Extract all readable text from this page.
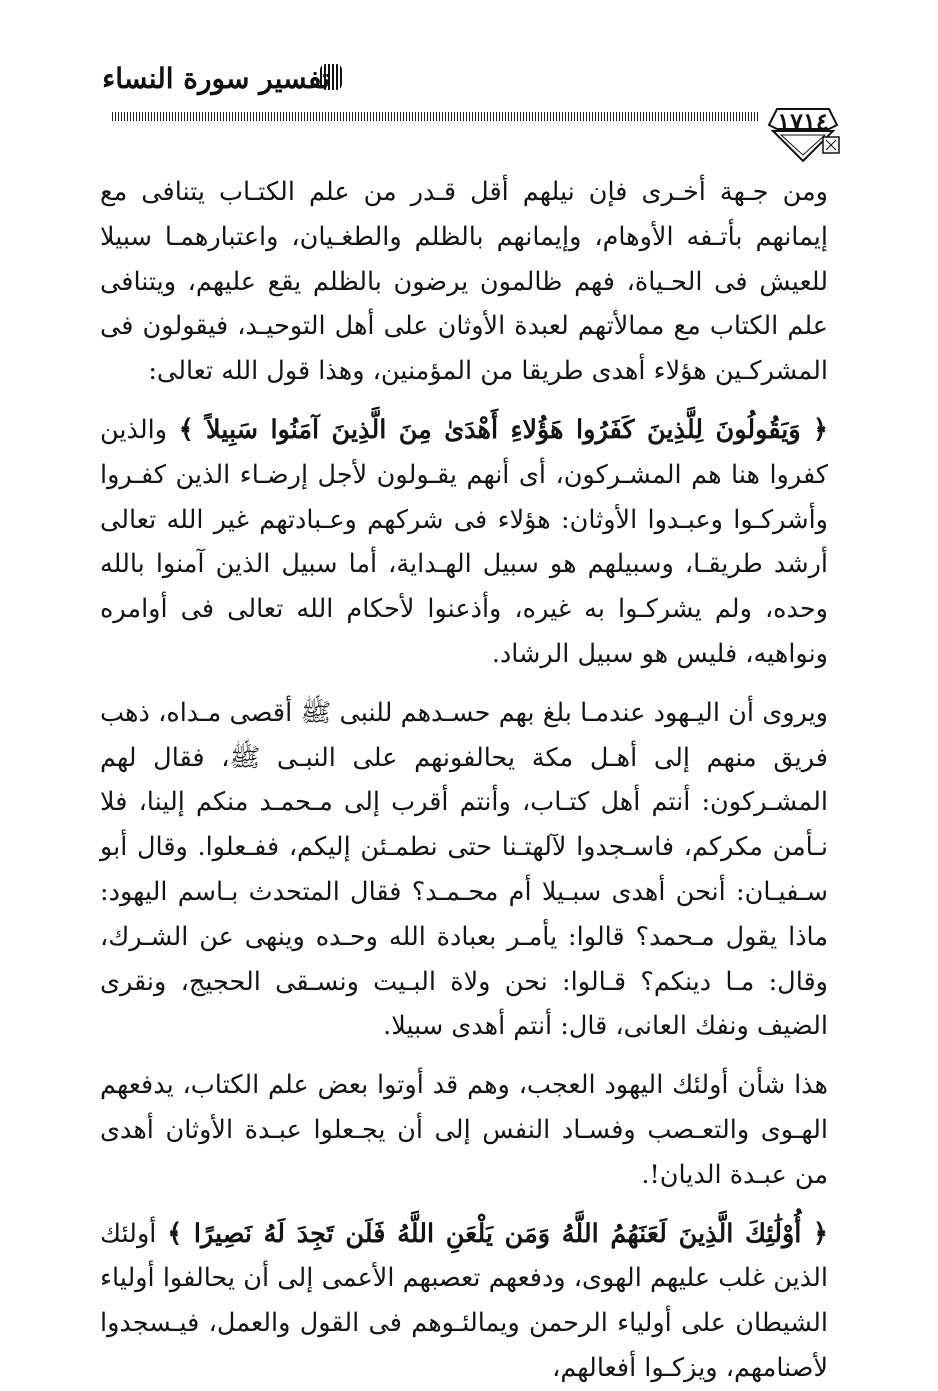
تفسير سورة النساء
١٧١٤

ومن جـهة أخـرى فإن نيلهم أقل قـدر من علم الكتـاب يتنافى مع إيمانهم بأتـفه الأوهام، وإيمانهم بالظلم والطغـيان، واعتبارهمـا سبيلا للعيش فى الحـياة، فهم ظالمون يرضون بالظلم يقع عليهم، ويتنافى علم الكتاب مع ممالأتهم لعبدة الأوثان على أهل التوحيـد، فيقولون فى المشركـين هؤلاء أهدى طريقا من المؤمنين، وهذا قول الله تعالى:

﴿ وَيَقُولُونَ لِلَّذِينَ كَفَرُوا هَؤُلاءِ أَهْدَىٰ مِنَ الَّذِينَ آمَنُوا سَبِيلاً ﴾ والذين كفروا هنا هم المشـركون، أى أنهم يقـولون لأجل إرضـاء الذين كفـروا وأشركـوا وعبـدوا الأوثان: هؤلاء فى شركهم وعـبادتهم غير الله تعالى أرشد طريقـا، وسبيلهم هو سبيل الهـداية، أما سبيل الذين آمنوا بالله وحده، ولم يشركـوا به غيره، وأذعنوا لأحكام الله تعالى فى أوامره ونواهيه، فليس هو سبيل الرشاد.

ويروى أن اليـهود عندمـا بلغ بهم حسـدهم للنبى ﷺ أقصى مـداه، ذهب فريق منهم إلى أهـل مكة يحالفونهم على النبـى ﷺ، فقال لهم المشـركون: أنتم أهل كتـاب، وأنتم أقرب إلى مـحمـد منكم إلينا، فلا نـأمن مكركم، فاسـجدوا لآلهتـنا حتى نطمـئن إليكم، ففـعلوا. وقال أبو سـفيـان: أنحن أهدى سبـيلا أم محـمـد؟ فقال المتحدث بـاسم اليهود: ماذا يقول مـحمد؟ قالوا: يأمـر بعبادة الله وحـده وينهى عن الشـرك، وقال: مـا دينكم؟ قـالوا: نحن ولاة البـيت ونسـقى الحجيج، ونقرى الضيف ونفك العانى، قال: أنتم أهدى سبيلا.

هذا شأن أولئك اليهود العجب، وهم قد أوتوا بعض علم الكتاب، يدفعهم الهـوى والتعـصب وفسـاد النفس إلى أن يجـعلوا عبـدة الأوثان أهدى من عبـدة الديان!.

﴿ أُوْلَٰئِكَ الَّذِينَ لَعَنَهُمُ اللَّهُ وَمَن يَلْعَنِ اللَّهُ فَلَن تَجِدَ لَهُ نَصِيرًا ﴾ أولئك الذين غلب عليهم الهوى، ودفعهم تعصبهم الأعمى إلى أن يحالفوا أولياء الشيطان على أولياء الرحمن ويمالئـوهم فى القول والعمل، فيـسجدوا لأصنامهم، ويزكـوا أفعالهم،
